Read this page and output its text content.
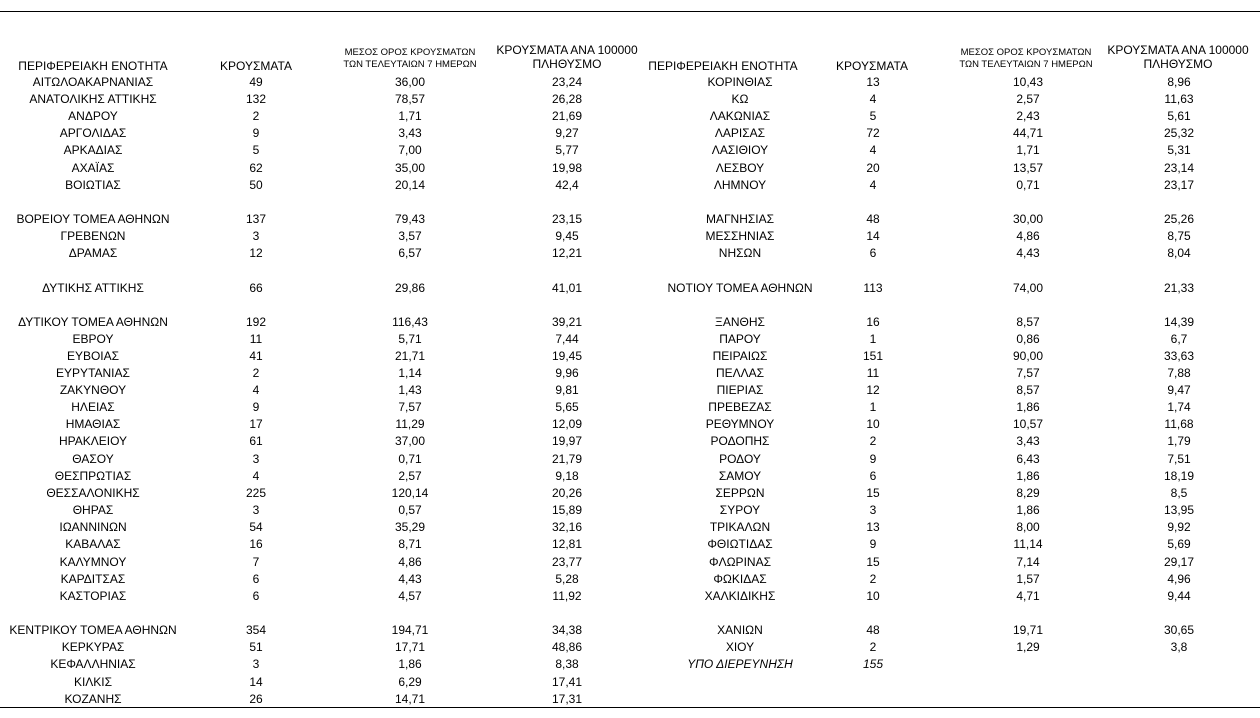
ΠΕΡΙΦΕΡΕΙΑΚΗ ΕΝΟΤΗΤΑ	ΚΡΟΥΣΜΑΤΑ
ΜΕΣΟΣ ΟΡΟΣ ΚΡΟΥΣΜΑΤΩΝ
ΤΩΝ ΤΕΛΕΥΤΑΙΩΝ 7 ΗΜΕΡΩΝ
ΚΡΟΥΣΜΑΤΑ ΑΝΑ 100000
ΠΛΗΘΥΣΜΟ
ΑΙΤΩΛΟΑΚΑΡΝΑΝΙΑΣ	49	36,00	23,24
ΑΝΑΤΟΛΙΚΗΣ ΑΤΤΙΚΗΣ	132	78,57	26,28
ΑΝΔΡΟΥ	2	1,71	21,69
ΑΡΓΟΛΙΔΑΣ	9	3,43	9,27
ΑΡΚΑΔΙΑΣ	5	7,00	5,77
ΑΧΑΪΑΣ	62	35,00	19,98
ΒΟΙΩΤΙΑΣ	50	20,14	42,4
ΒΟΡΕΙΟΥ ΤΟΜΕΑ ΑΘΗΝΩΝ	137	79,43	23,15
ΓΡΕΒΕΝΩΝ	3	3,57	9,45
ΔΡΑΜΑΣ	12	6,57	12,21
ΔΥΤΙΚΗΣ ΑΤΤΙΚΗΣ	66	29,86	41,01
ΔΥΤΙΚΟΥ ΤΟΜΕΑ ΑΘΗΝΩΝ	192	116,43	39,21
ΕΒΡΟΥ	11	5,71	7,44
ΕΥΒΟΙΑΣ	41	21,71	19,45
ΕΥΡΥΤΑΝΙΑΣ	2	1,14	9,96
ΖΑΚΥΝΘΟΥ	4	1,43	9,81
ΗΛΕΙΑΣ	9	7,57	5,65
ΗΜΑΘΙΑΣ	17	11,29	12,09
ΗΡΑΚΛΕΙΟΥ	61	37,00	19,97
ΘΑΣΟΥ	3	0,71	21,79
ΘΕΣΠΡΩΤΙΑΣ	4	2,57	9,18
ΘΕΣΣΑΛΟΝΙΚΗΣ	225	120,14	20,26
ΘΗΡΑΣ	3	0,57	15,89
ΙΩΑΝΝΙΝΩΝ	54	35,29	32,16
ΚΑΒΑΛΑΣ	16	8,71	12,81
ΚΑΛΥΜΝΟΥ	7	4,86	23,77
ΚΑΡΔΙΤΣΑΣ	6	4,43	5,28
ΚΑΣΤΟΡΙΑΣ	6	4,57	11,92
ΚΕΝΤΡΙΚΟΥ ΤΟΜΕΑ ΑΘΗΝΩΝ	354	194,71	34,38
ΚΕΡΚΥΡΑΣ	51	17,71	48,86
ΚΕΦΑΛΛΗΝΙΑΣ	3	1,86	8,38
ΚΙΛΚΙΣ	14	6,29	17,41
ΚΟΖΑΝΗΣ	26	14,71	17,31
ΠΕΡΙΦΕΡΕΙΑΚΗ ΕΝΟΤΗΤΑ	ΚΡΟΥΣΜΑΤΑ
ΜΕΣΟΣ ΟΡΟΣ ΚΡΟΥΣΜΑΤΩΝ
ΤΩΝ ΤΕΛΕΥΤΑΙΩΝ 7 ΗΜΕΡΩΝ
ΚΡΟΥΣΜΑΤΑ ΑΝΑ 100000
ΠΛΗΘΥΣΜΟ
ΚΟΡΙΝΘΙΑΣ	13	10,43	8,96
ΚΩ	4	2,57	11,63
ΛΑΚΩΝΙΑΣ	5	2,43	5,61
ΛΑΡΙΣΑΣ	72	44,71	25,32
ΛΑΣΙΘΙΟΥ	4	1,71	5,31
ΛΕΣΒΟΥ	20	13,57	23,14
ΛΗΜΝΟΥ	4	0,71	23,17
ΜΑΓΝΗΣΙΑΣ	48	30,00	25,26
ΜΕΣΣΗΝΙΑΣ	14	4,86	8,75
ΝΗΣΩΝ	6	4,43	8,04
ΝΟΤΙΟΥ ΤΟΜΕΑ ΑΘΗΝΩΝ	113	74,00	21,33
ΞΑΝΘΗΣ	16	8,57	14,39
ΠΑΡΟΥ	1	0,86	6,7
ΠΕΙΡΑΙΩΣ	151	90,00	33,63
ΠΕΛΛΑΣ	11	7,57	7,88
ΠΙΕΡΙΑΣ	12	8,57	9,47
ΠΡΕΒΕΖΑΣ	1	1,86	1,74
ΡΕΘΥΜΝΟΥ	10	10,57	11,68
ΡΟΔΟΠΗΣ	2	3,43	1,79
ΡΟΔΟΥ	9	6,43	7,51
ΣΑΜΟΥ	6	1,86	18,19
ΣΕΡΡΩΝ	15	8,29	8,5
ΣΥΡΟΥ	3	1,86	13,95
ΤΡΙΚΑΛΩΝ	13	8,00	9,92
ΦΘΙΩΤΙΔΑΣ	9	11,14	5,69
ΦΛΩΡΙΝΑΣ	15	7,14	29,17
ΦΩΚΙΔΑΣ	2	1,57	4,96
ΧΑΛΚΙΔΙΚΗΣ	10	4,71	9,44
ΧΑΝΙΩΝ	48	19,71	30,65
ΧΙΟΥ	2	1,29	3,8
ΥΠΟ ΔΙΕΡΕΥΝΗΣΗ	155
